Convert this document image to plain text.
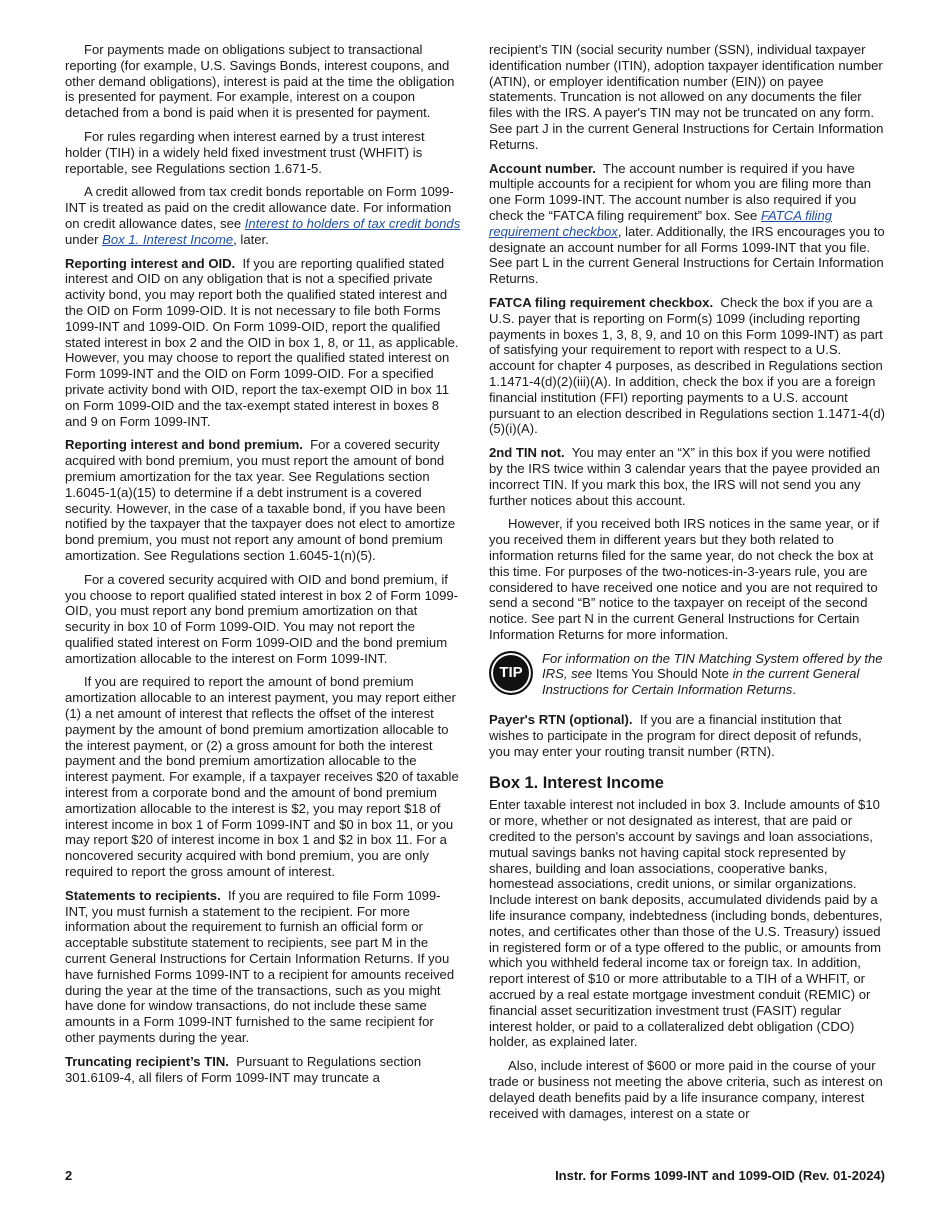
For payments made on obligations subject to transactional reporting (for example, U.S. Savings Bonds, interest coupons, and other demand obligations), interest is paid at the time the obligation is presented for payment. For example, interest on a coupon detached from a bond is paid when it is presented for payment.

For rules regarding when interest earned by a trust interest holder (TIH) in a widely held fixed investment trust (WHFIT) is reportable, see Regulations section 1.671-5.

A credit allowed from tax credit bonds reportable on Form 1099-INT is treated as paid on the credit allowance date. For information on credit allowance dates, see Interest to holders of tax credit bonds under Box 1. Interest Income, later.

Reporting interest and OID. If you are reporting qualified stated interest and OID on any obligation that is not a specified private activity bond, you may report both the qualified stated interest and the OID on Form 1099-OID. It is not necessary to file both Forms 1099-INT and 1099-OID. On Form 1099-OID, report the qualified stated interest in box 2 and the OID in box 1, 8, or 11, as applicable. However, you may choose to report the qualified stated interest on Form 1099-INT and the OID on Form 1099-OID. For a specified private activity bond with OID, report the tax-exempt OID in box 11 on Form 1099-OID and the tax-exempt stated interest in boxes 8 and 9 on Form 1099-INT.

Reporting interest and bond premium. For a covered security acquired with bond premium, you must report the amount of bond premium amortization for the tax year. See Regulations section 1.6045-1(a)(15) to determine if a debt instrument is a covered security. However, in the case of a taxable bond, if you have been notified by the taxpayer that the taxpayer does not elect to amortize bond premium, you must not report any amount of bond premium amortization. See Regulations section 1.6045-1(n)(5).

For a covered security acquired with OID and bond premium, if you choose to report qualified stated interest in box 2 of Form 1099-OID, you must report any bond premium amortization on that security in box 10 of Form 1099-OID. You may not report the qualified stated interest on Form 1099-OID and the bond premium amortization allocable to the interest on Form 1099-INT.

If you are required to report the amount of bond premium amortization allocable to an interest payment, you may report either (1) a net amount of interest that reflects the offset of the interest payment by the amount of bond premium amortization allocable to the interest payment, or (2) a gross amount for both the interest payment and the bond premium amortization allocable to the interest payment. For example, if a taxpayer receives $20 of taxable interest from a corporate bond and the amount of bond premium amortization allocable to the interest is $2, you may report $18 of interest income in box 1 of Form 1099-INT and $0 in box 11, or you may report $20 of interest income in box 1 and $2 in box 11. For a noncovered security acquired with bond premium, you are only required to report the gross amount of interest.

Statements to recipients. If you are required to file Form 1099-INT, you must furnish a statement to the recipient. For more information about the requirement to furnish an official form or acceptable substitute statement to recipients, see part M in the current General Instructions for Certain Information Returns. If you have furnished Forms 1099-INT to a recipient for amounts received during the year at the time of the transactions, such as you might have done for window transactions, do not include these same amounts in a Form 1099-INT furnished to the same recipient for other payments during the year.

Truncating recipient’s TIN. Pursuant to Regulations section 301.6109-4, all filers of Form 1099-INT may truncate a

recipient’s TIN (social security number (SSN), individual taxpayer identification number (ITIN), adoption taxpayer identification number (ATIN), or employer identification number (EIN)) on payee statements. Truncation is not allowed on any documents the filer files with the IRS. A payer's TIN may not be truncated on any form. See part J in the current General Instructions for Certain Information Returns.

Account number. The account number is required if you have multiple accounts for a recipient for whom you are filing more than one Form 1099-INT. The account number is also required if you check the “FATCA filing requirement” box. See FATCA filing requirement checkbox, later. Additionally, the IRS encourages you to designate an account number for all Forms 1099-INT that you file. See part L in the current General Instructions for Certain Information Returns.

FATCA filing requirement checkbox. Check the box if you are a U.S. payer that is reporting on Form(s) 1099 (including reporting payments in boxes 1, 3, 8, 9, and 10 on this Form 1099-INT) as part of satisfying your requirement to report with respect to a U.S. account for chapter 4 purposes, as described in Regulations section 1.1471-4(d)(2)(iii)(A). In addition, check the box if you are a foreign financial institution (FFI) reporting payments to a U.S. account pursuant to an election described in Regulations section 1.1471-4(d)(5)(i)(A).

2nd TIN not. You may enter an “X” in this box if you were notified by the IRS twice within 3 calendar years that the payee provided an incorrect TIN. If you mark this box, the IRS will not send you any further notices about this account.

However, if you received both IRS notices in the same year, or if you received them in different years but they both related to information returns filed for the same year, do not check the box at this time. For purposes of the two-notices-in-3-years rule, you are considered to have received one notice and you are not required to send a second “B” notice to the taxpayer on receipt of the second notice. See part N in the current General Instructions for Certain Information Returns for more information.

TIP
For information on the TIN Matching System offered by the IRS, see Items You Should Note in the current General Instructions for Certain Information Returns.

Payer's RTN (optional). If you are a financial institution that wishes to participate in the program for direct deposit of refunds, you may enter your routing transit number (RTN).

Box 1. Interest Income

Enter taxable interest not included in box 3. Include amounts of $10 or more, whether or not designated as interest, that are paid or credited to the person's account by savings and loan associations, mutual savings banks not having capital stock represented by shares, building and loan associations, cooperative banks, homestead associations, credit unions, or similar organizations. Include interest on bank deposits, accumulated dividends paid by a life insurance company, indebtedness (including bonds, debentures, notes, and certificates other than those of the U.S. Treasury) issued in registered form or of a type offered to the public, or amounts from which you withheld federal income tax or foreign tax. In addition, report interest of $10 or more attributable to a TIH of a WHFIT, or accrued by a real estate mortgage investment conduit (REMIC) or financial asset securitization investment trust (FASIT) regular interest holder, or paid to a collateralized debt obligation (CDO) holder, as explained later.

Also, include interest of $600 or more paid in the course of your trade or business not meeting the above criteria, such as interest on delayed death benefits paid by a life insurance company, interest received with damages, interest on a state or

2	Instr. for Forms 1099-INT and 1099-OID (Rev. 01-2024)
